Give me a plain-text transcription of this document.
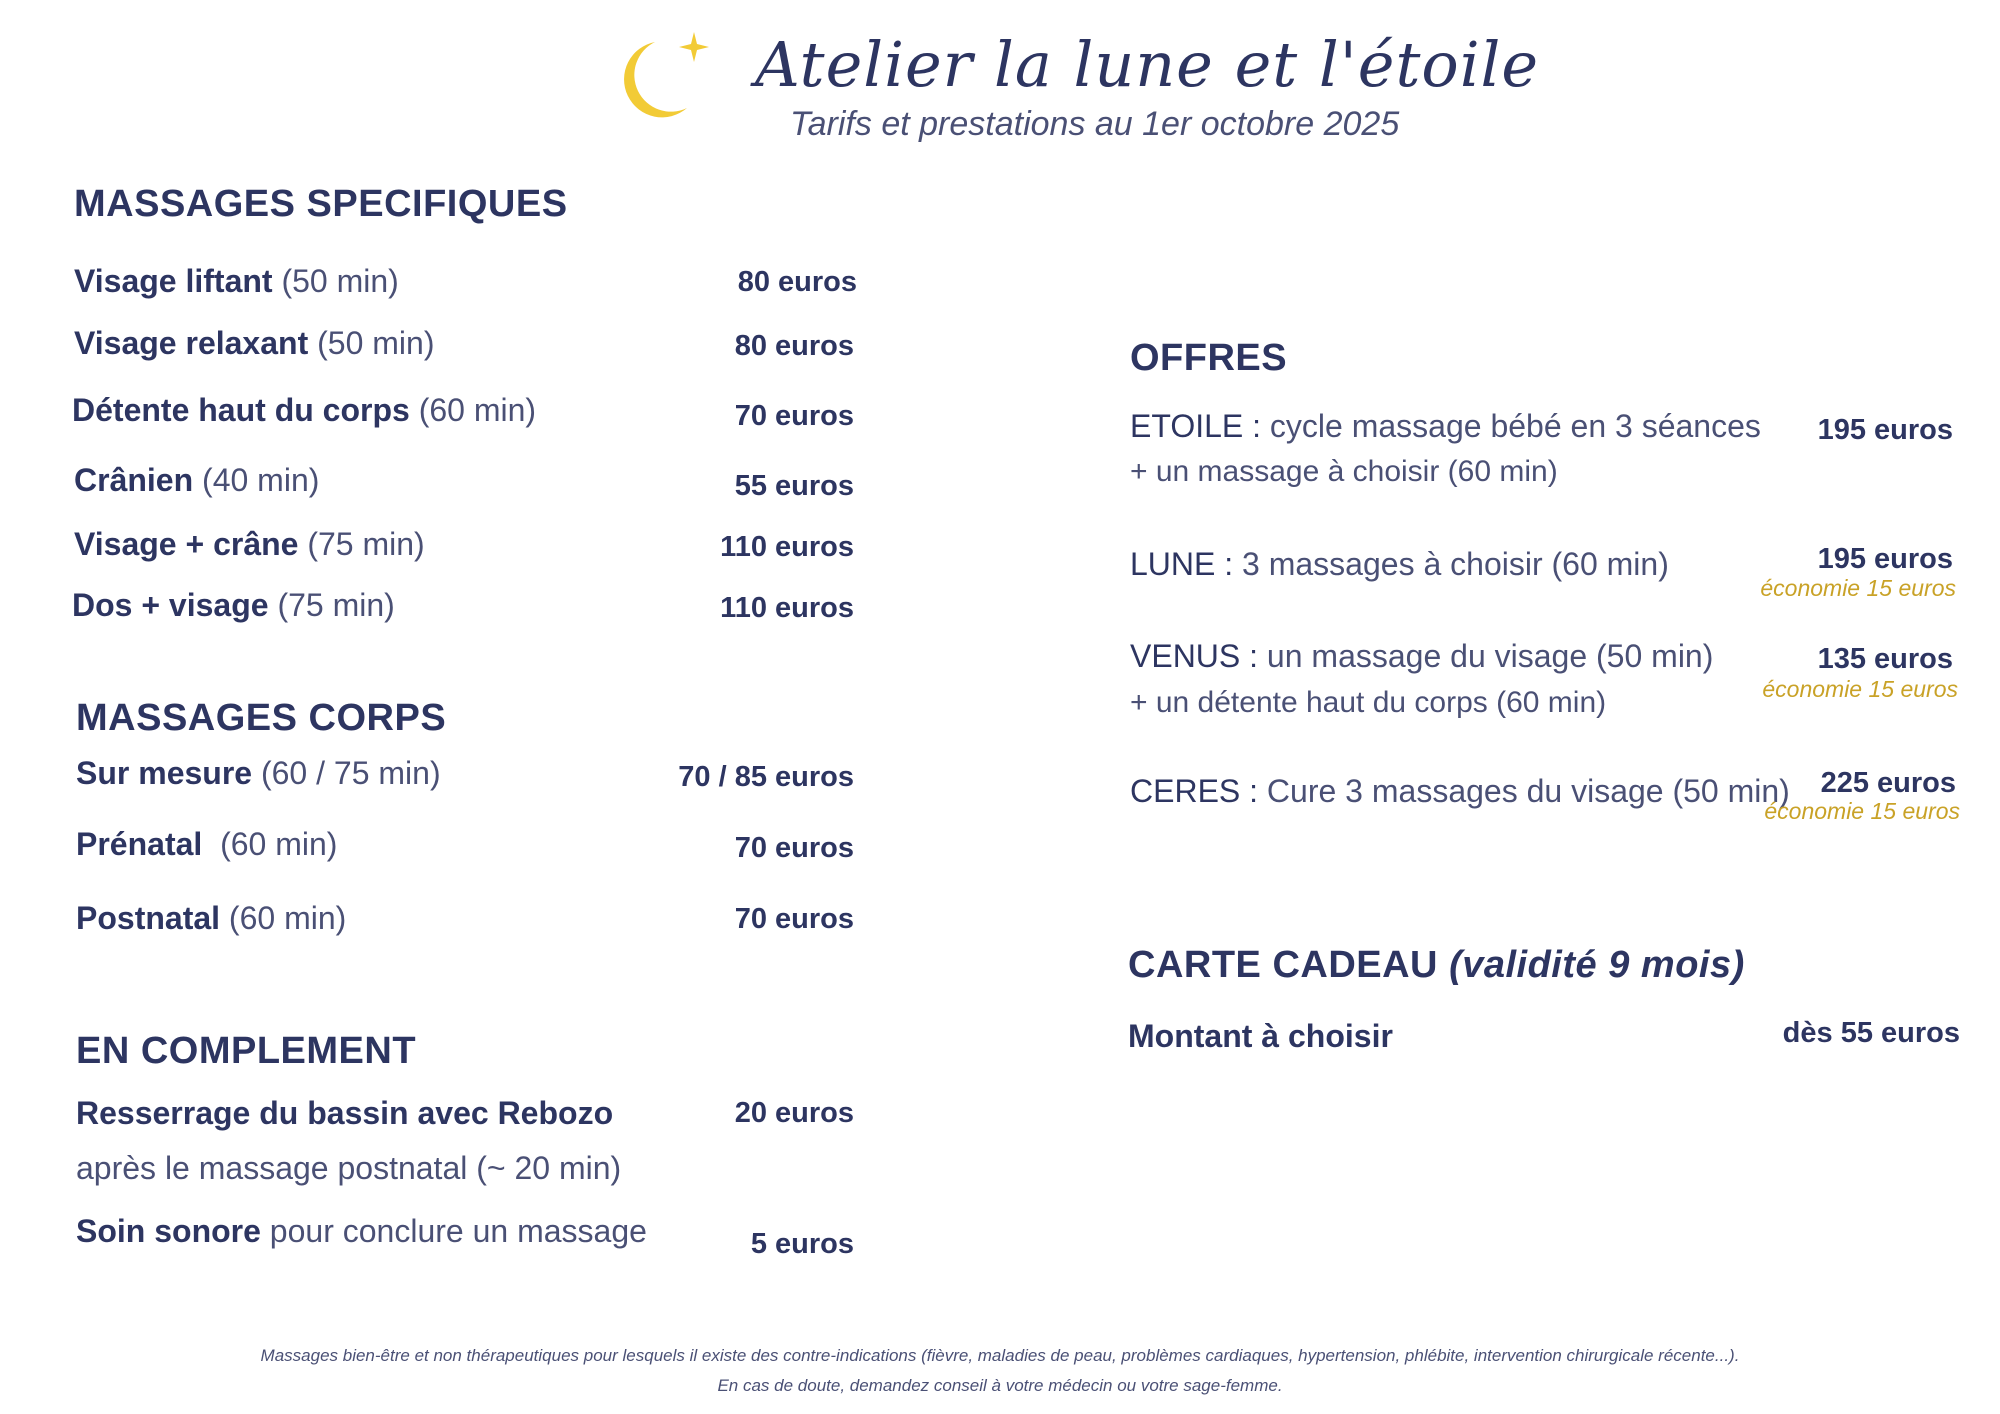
Atelier la lune et l'étoile
Tarifs et prestations au 1er octobre 2025
MASSAGES SPECIFIQUES
Visage liftant (50 min)	80 euros
Visage relaxant (50 min)	80 euros
Détente haut du corps (60 min)	70 euros
Crânien (40 min)	55 euros
Visage + crâne (75 min)	110 euros
Dos + visage (75 min)	110 euros
MASSAGES CORPS
Sur mesure (60 / 75 min)	70 / 85 euros
Prénatal (60 min)	70 euros
Postnatal (60 min)	70 euros
EN COMPLEMENT
Resserrage du bassin avec Rebozo
après le massage postnatal (~ 20 min)
20 euros
Soin sonore pour conclure un massage	5 euros
OFFRES
ETOILE : cycle massage bébé en 3 séances
+ un massage à choisir (60 min)
195 euros
LUNE : 3 massages à choisir (60 min)	195 euros
économie 15 euros
VENUS : un massage du visage (50 min)
+ un détente haut du corps (60 min)
135 euros
économie 15 euros
CERES : Cure 3 massages du visage (50 min) 225 euros
économie 15 euros
CARTE CADEAU (validité 9 mois)
Montant à choisir	dès 55 euros
Massages bien-être et non thérapeutiques pour lesquels il existe des contre-indications (fièvre, maladies de peau, problèmes cardiaques, hypertension, phlébite, intervention chirurgicale récente...).
En cas de doute, demandez conseil à votre médecin ou votre sage-femme.
